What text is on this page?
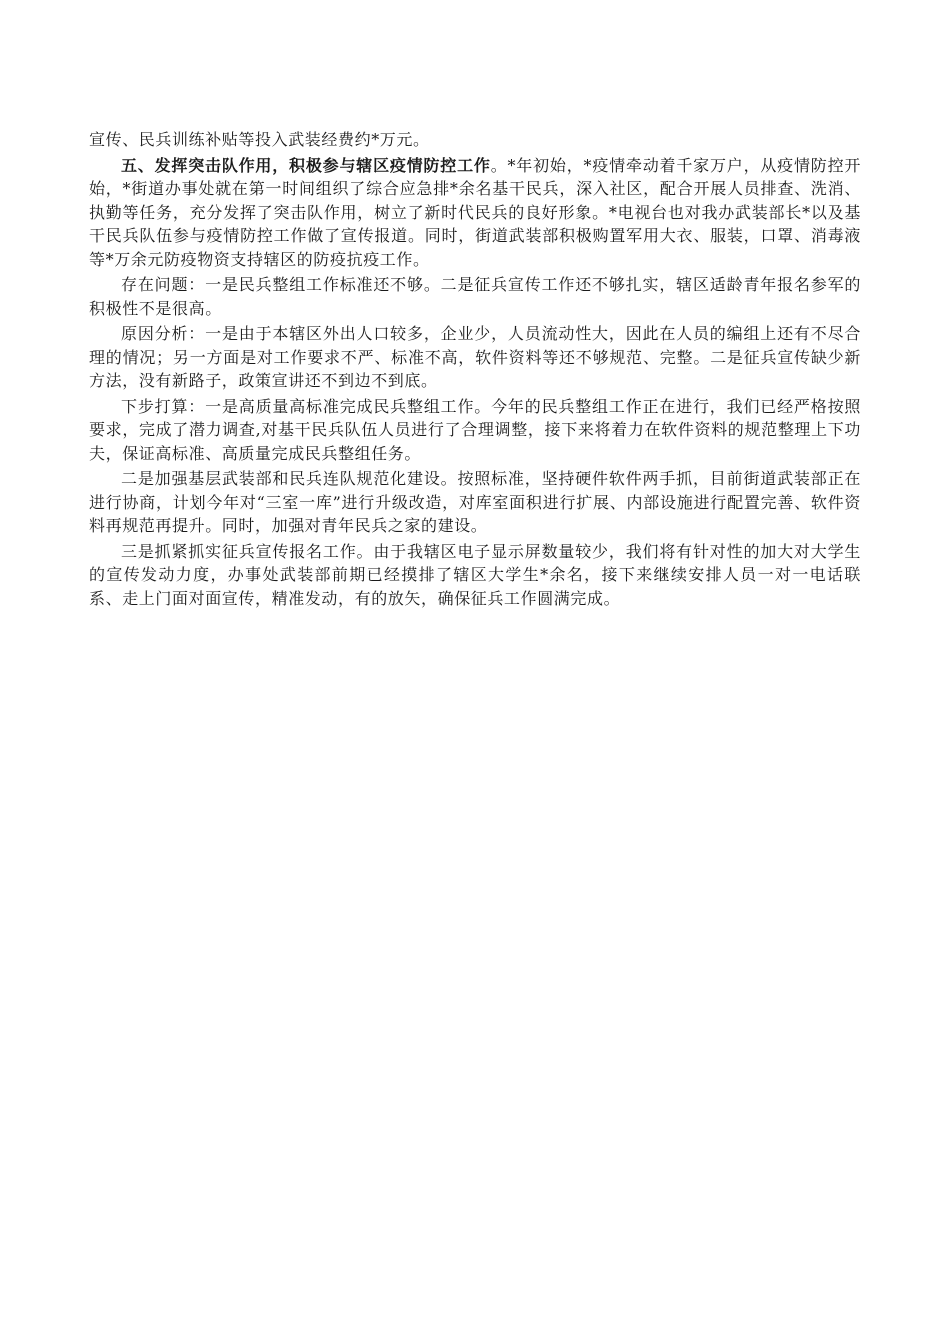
宣传、民兵训练补贴等投入武装经费约*万元。

五、发挥突击队作用，积极参与辖区疫情防控工作。*年初始，*疫情牵动着千家万户，从疫情防控开始，*街道办事处就在第一时间组织了综合应急排*余名基干民兵，深入社区，配合开展人员排查、洗消、执勤等任务，充分发挥了突击队作用，树立了新时代民兵的良好形象。*电视台也对我办武装部长*以及基干民兵队伍参与疫情防控工作做了宣传报道。同时，街道武装部积极购置军用大衣、服装，口罩、消毒液等*万余元防疫物资支持辖区的防疫抗疫工作。

存在问题：一是民兵整组工作标准还不够。二是征兵宣传工作还不够扎实，辖区适龄青年报名参军的积极性不是很高。

原因分析：一是由于本辖区外出人口较多，企业少，人员流动性大，因此在人员的编组上还有不尽合理的情况；另一方面是对工作要求不严、标准不高，软件资料等还不够规范、完整。二是征兵宣传缺少新方法，没有新路子，政策宣讲还不到边不到底。

下步打算：一是高质量高标准完成民兵整组工作。今年的民兵整组工作正在进行，我们已经严格按照要求，完成了潜力调查,对基干民兵队伍人员进行了合理调整，接下来将着力在软件资料的规范整理上下功夫，保证高标准、高质量完成民兵整组任务。

二是加强基层武装部和民兵连队规范化建设。按照标准，坚持硬件软件两手抓，目前街道武装部正在进行协商，计划今年对“三室一库”进行升级改造，对库室面积进行扩展、内部设施进行配置完善、软件资料再规范再提升。同时，加强对青年民兵之家的建设。

三是抓紧抓实征兵宣传报名工作。由于我辖区电子显示屏数量较少，我们将有针对性的加大对大学生的宣传发动力度，办事处武装部前期已经摸排了辖区大学生*余名，接下来继续安排人员一对一电话联系、走上门面对面宣传，精准发动，有的放矢，确保征兵工作圆满完成。
